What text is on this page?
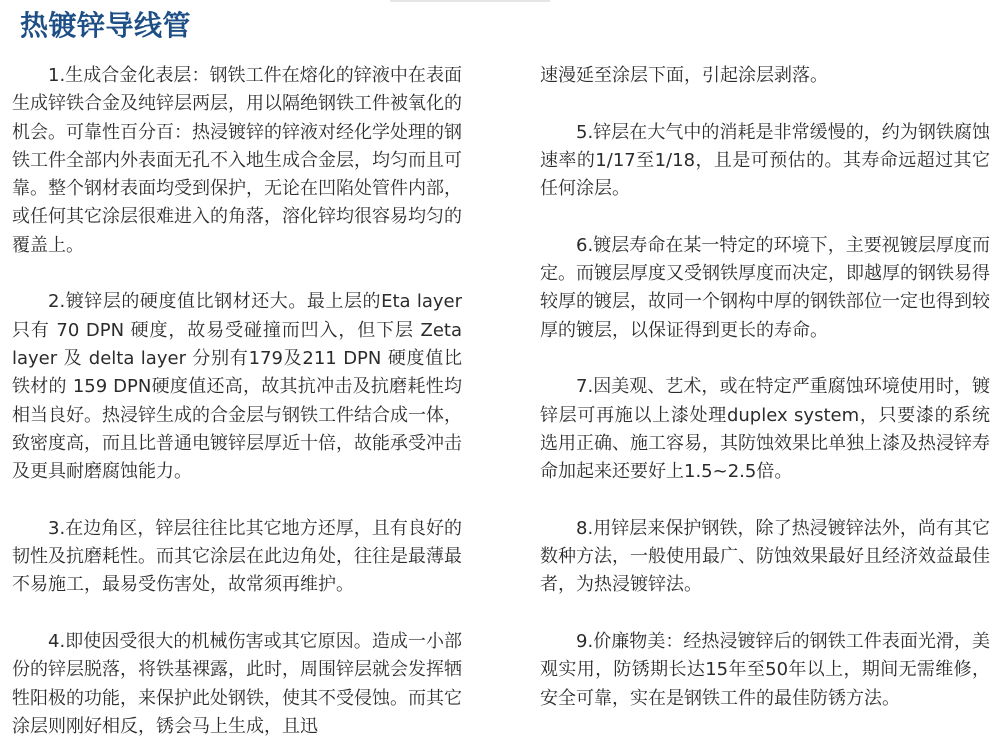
热镀锌导线管

1.生成合金化表层：钢铁工件在熔化的锌液中在表面生成锌铁合金及纯锌层两层，用以隔绝钢铁工件被氧化的机会。可靠性百分百：热浸镀锌的锌液对经化学处理的钢铁工件全部内外表面无孔不入地生成合金层，均匀而且可靠。整个钢材表面均受到保护，无论在凹陷处管件内部，或任何其它涂层很难进入的角落，溶化锌均很容易均匀的覆盖上。

2.镀锌层的硬度值比钢材还大。最上层的Eta layer 只有 70 DPN 硬度，故易受碰撞而凹入，但下层 Zeta layer 及 delta layer 分别有179及211 DPN 硬度值比铁材的 159 DPN硬度值还高，故其抗冲击及抗磨耗性均相当良好。热浸锌生成的合金层与钢铁工件结合成一体，致密度高，而且比普通电镀锌层厚近十倍，故能承受冲击及更具耐磨腐蚀能力。

3.在边角区，锌层往往比其它地方还厚，且有良好的韧性及抗磨耗性。而其它涂层在此边角处，往往是最薄最不易施工，最易受伤害处，故常须再维护。

4.即使因受很大的机械伤害或其它原因。造成一小部份的锌层脱落，将铁基裸露，此时，周围锌层就会发挥牺牲阳极的功能，来保护此处钢铁，使其不受侵蚀。而其它涂层则刚好相反，锈会马上生成，且迅

速漫延至涂层下面，引起涂层剥落。

5.锌层在大气中的消耗是非常缓慢的，约为钢铁腐蚀速率的1/17至1/18，且是可预估的。其寿命远超过其它任何涂层。

6.镀层寿命在某一特定的环境下，主要视镀层厚度而定。而镀层厚度又受钢铁厚度而决定，即越厚的钢铁易得较厚的镀层，故同一个钢构中厚的钢铁部位一定也得到较厚的镀层，以保证得到更长的寿命。

7.因美观、艺术，或在特定严重腐蚀环境使用时，镀锌层可再施以上漆处理duplex system，只要漆的系统选用正确、施工容易，其防蚀效果比单独上漆及热浸锌寿命加起来还要好上1.5~2.5倍。

8.用锌层来保护钢铁，除了热浸镀锌法外，尚有其它数种方法，一般使用最广、防蚀效果最好且经济效益最佳者，为热浸镀锌法。

9.价廉物美：经热浸镀锌后的钢铁工件表面光滑，美观实用，防锈期长达15年至50年以上，期间无需维修，安全可靠，实在是钢铁工件的最佳防锈方法。
